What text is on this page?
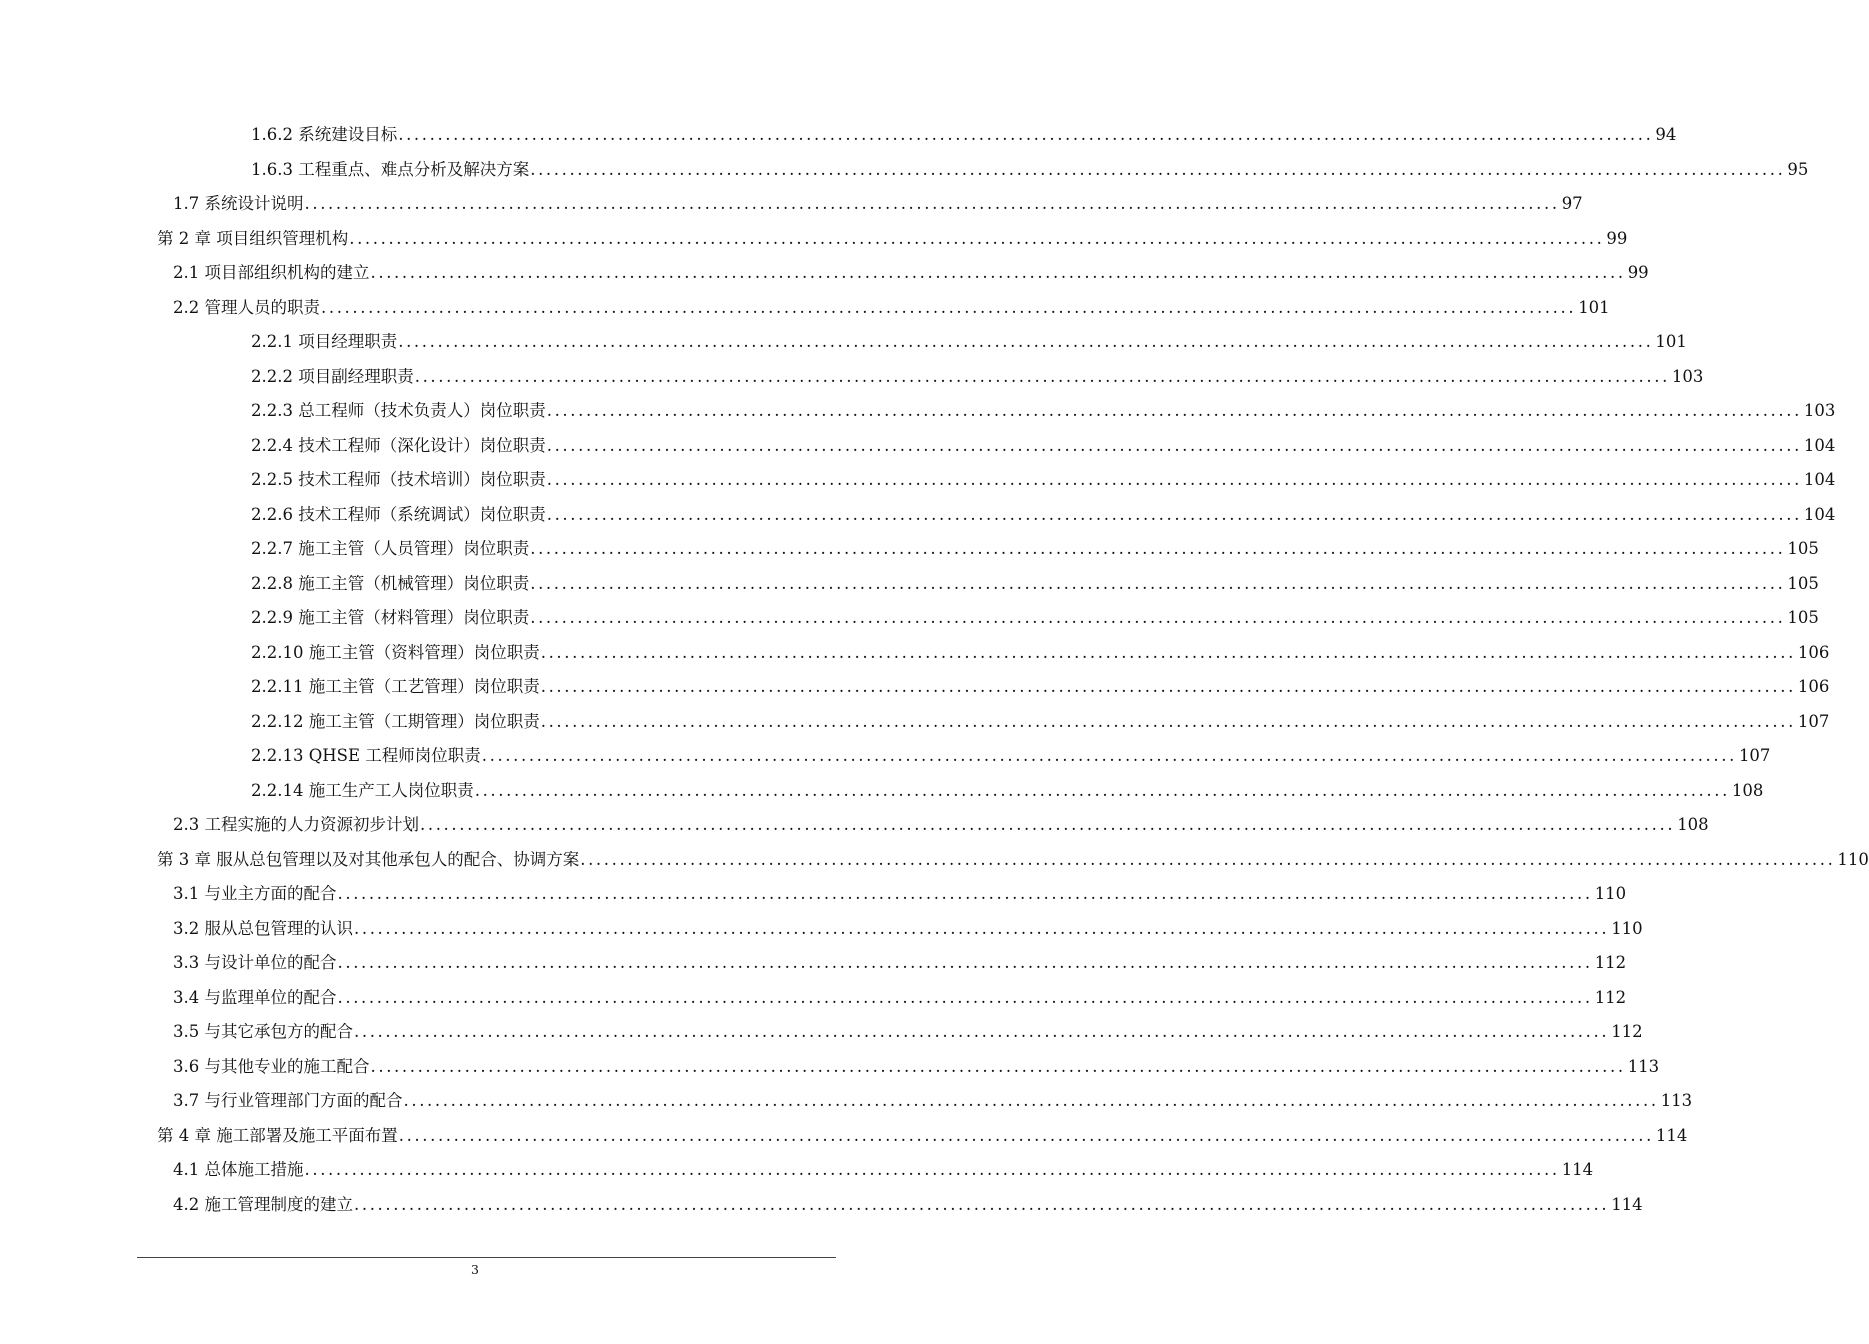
1.6.2 系统建设目标 ................................................................................................................................................................ 94
1.6.3 工程重点、难点分析及解决方案 ................................................................................................................................................................ 95
1.7 系统设计说明 ................................................................................................................................................................ 97
第 2 章 项目组织管理机构 ................................................................................................................................................................ 99
2.1 项目部组织机构的建立 ................................................................................................................................................................ 99
2.2 管理人员的职责 ................................................................................................................................................................ 101
2.2.1 项目经理职责 ................................................................................................................................................................ 101
2.2.2 项目副经理职责 ................................................................................................................................................................ 103
2.2.3 总工程师（技术负责人）岗位职责 ................................................................................................................................................................ 103
2.2.4 技术工程师（深化设计）岗位职责 ................................................................................................................................................................ 104
2.2.5 技术工程师（技术培训）岗位职责 ................................................................................................................................................................ 104
2.2.6 技术工程师（系统调试）岗位职责 ................................................................................................................................................................ 104
2.2.7 施工主管（人员管理）岗位职责 ................................................................................................................................................................ 105
2.2.8 施工主管（机械管理）岗位职责 ................................................................................................................................................................ 105
2.2.9 施工主管（材料管理）岗位职责 ................................................................................................................................................................ 105
2.2.10 施工主管（资料管理）岗位职责 ................................................................................................................................................................ 106
2.2.11 施工主管（工艺管理）岗位职责 ................................................................................................................................................................ 106
2.2.12 施工主管（工期管理）岗位职责 ................................................................................................................................................................ 107
2.2.13 QHSE 工程师岗位职责 ................................................................................................................................................................ 107
2.2.14 施工生产工人岗位职责 ................................................................................................................................................................ 108
2.3 工程实施的人力资源初步计划 ................................................................................................................................................................ 108
第 3 章 服从总包管理以及对其他承包人的配合、协调方案 ................................................................................................................................................................ 110
3.1 与业主方面的配合 ................................................................................................................................................................ 110
3.2 服从总包管理的认识 ................................................................................................................................................................ 110
3.3 与设计单位的配合 ................................................................................................................................................................ 112
3.4 与监理单位的配合 ................................................................................................................................................................ 112
3.5 与其它承包方的配合 ................................................................................................................................................................ 112
3.6 与其他专业的施工配合 ................................................................................................................................................................ 113
3.7 与行业管理部门方面的配合 ................................................................................................................................................................ 113
第 4 章 施工部署及施工平面布置 ................................................................................................................................................................ 114
4.1 总体施工措施 ................................................................................................................................................................ 114
4.2 施工管理制度的建立 ................................................................................................................................................................ 114
3
